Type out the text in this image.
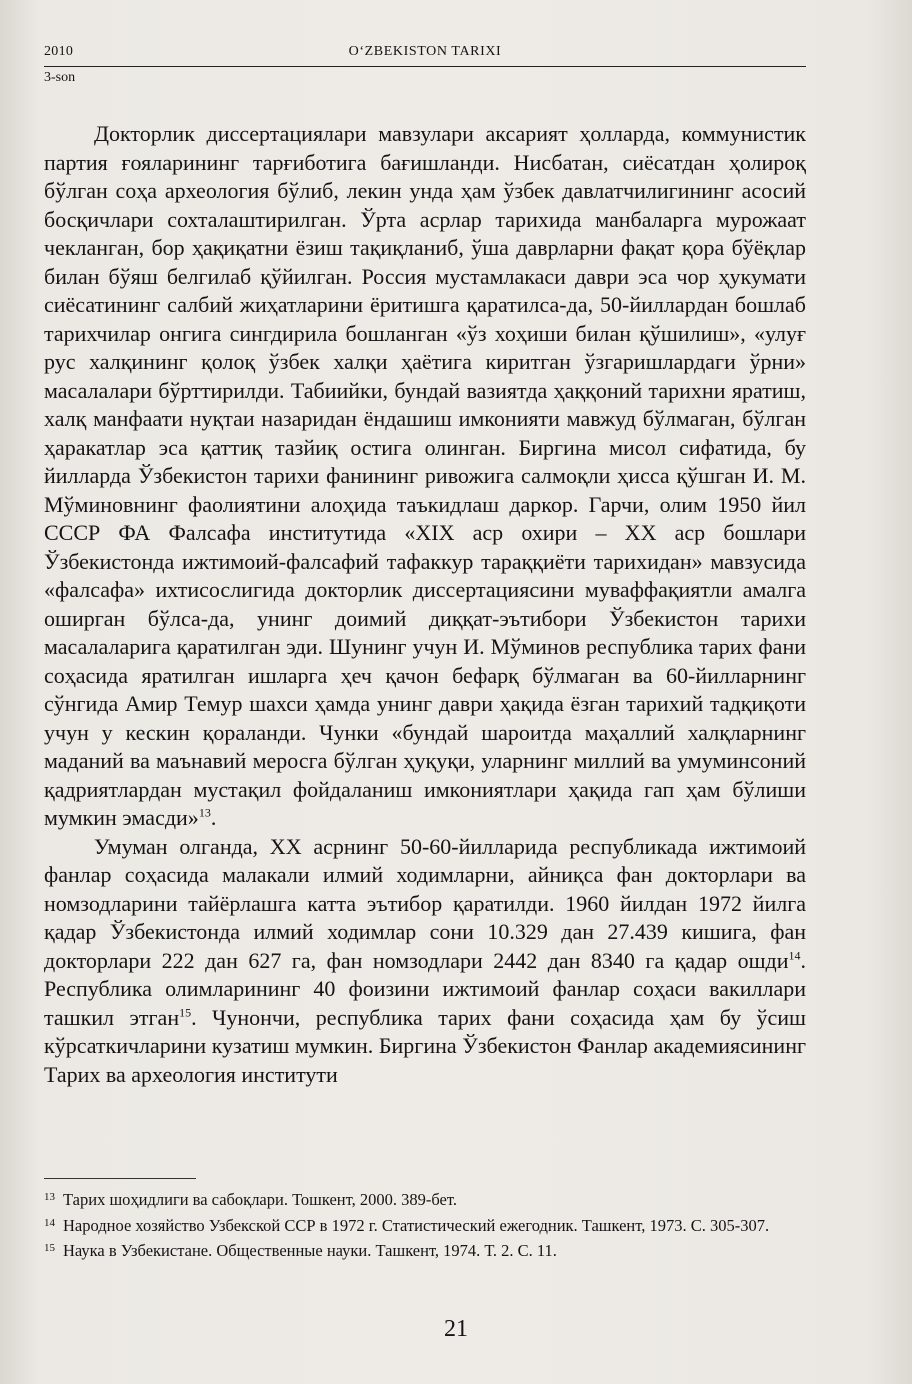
2010	O‘ZBEKISTON TARIXI
3-son

Докторлик диссертациялари мавзулари аксарият ҳолларда, коммунистик партия ғояларининг тарғиботига бағишланди. Нисбатан, сиёсатдан ҳолироқ бўлган соҳа археология бўлиб, лекин унда ҳам ўзбек давлатчилигининг асосий босқичлари сохталаштирилган. Ўрта асрлар тарихида манбаларга мурожаат чекланган, бор ҳақиқатни ёзиш тақиқланиб, ўша даврларни фақат қора бўёқлар билан бўяш белгилаб қўйилган. Россия мустамлакаси даври эса чор ҳукумати сиёсатининг салбий жиҳатларини ёритишга қаратилса-да, 50-йиллардан бошлаб тарихчилар онгига сингдирила бошланган «ўз хоҳиши билан қўшилиш», «улуғ рус халқининг қолоқ ўзбек халқи ҳаётига киритган ўзгаришлардаги ўрни» масалалари бўрттирилди. Табиийки, бундай вазиятда ҳаққоний тарихни яратиш, халқ манфаати нуқтаи назаридан ёндашиш имконияти мавжуд бўлмаган, бўлган ҳаракатлар эса қаттиқ тазйиқ остига олинган. Биргина мисол сифатида, бу йилларда Ўзбекистон тарихи фанининг ривожига салмоқли ҳисса қўшган И. М. Мўминовнинг фаолиятини алоҳида таъкидлаш даркор. Гарчи, олим 1950 йил СССР ФА Фалсафа институтида «XIX аср охири – XX аср бошлари Ўзбекистонда ижтимоий-фалсафий тафаккур тараққиёти тарихидан» мавзусида «фалсафа» ихтисослигида докторлик диссертациясини муваффақиятли амалга оширган бўлса-да, унинг доимий диққат-эътибори Ўзбекистон тарихи масалаларига қаратилган эди. Шунинг учун И. Мўминов республика тарих фани соҳасида яратилган ишларга ҳеч қачон бефарқ бўлмаган ва 60-йилларнинг сўнгида Амир Темур шахси ҳамда унинг даври ҳақида ёзган тарихий тадқиқоти учун у кескин қораланди. Чунки «бундай шароитда маҳаллий халқларнинг маданий ва маънавий меросга бўлган ҳуқуқи, уларнинг миллий ва умуминсоний қадриятлардан мустақил фойдаланиш имкониятлари ҳақида гап ҳам бўлиши мумкин эмасди»$^{13}$.

Умуман олганда, XX асрнинг 50-60-йилларида республикада ижтимоий фанлар соҳасида малакали илмий ходимларни, айниқса фан докторлари ва номзодларини тайёрлашга катта эътибор қаратилди. 1960 йилдан 1972 йилга қадар Ўзбекистонда илмий ходимлар сони 10.329 дан 27.439 кишига, фан докторлари 222 дан 627 га, фан номзодлари 2442 дан 8340 га қадар ошди$^{14}$. Республика олимларининг 40 фоизини ижтимоий фанлар соҳаси вакиллари ташкил этган$^{15}$. Чунончи, республика тарих фани соҳасида ҳам бу ўсиш кўрсаткичларини кузатиш мумкин. Биргина Ўзбекистон Фанлар академиясининг Тарих ва археология институти

$^{13}$ Тарих шоҳидлиги ва сабоқлари. Тошкент, 2000. 389-бет.

$^{14}$ Народное хозяйство Узбекской ССР в 1972 г. Статистический ежегодник. Ташкент, 1973. С. 305-307.

$^{15}$ Наука в Узбекистане. Общественные науки. Ташкент, 1974. Т. 2. С. 11.

21
